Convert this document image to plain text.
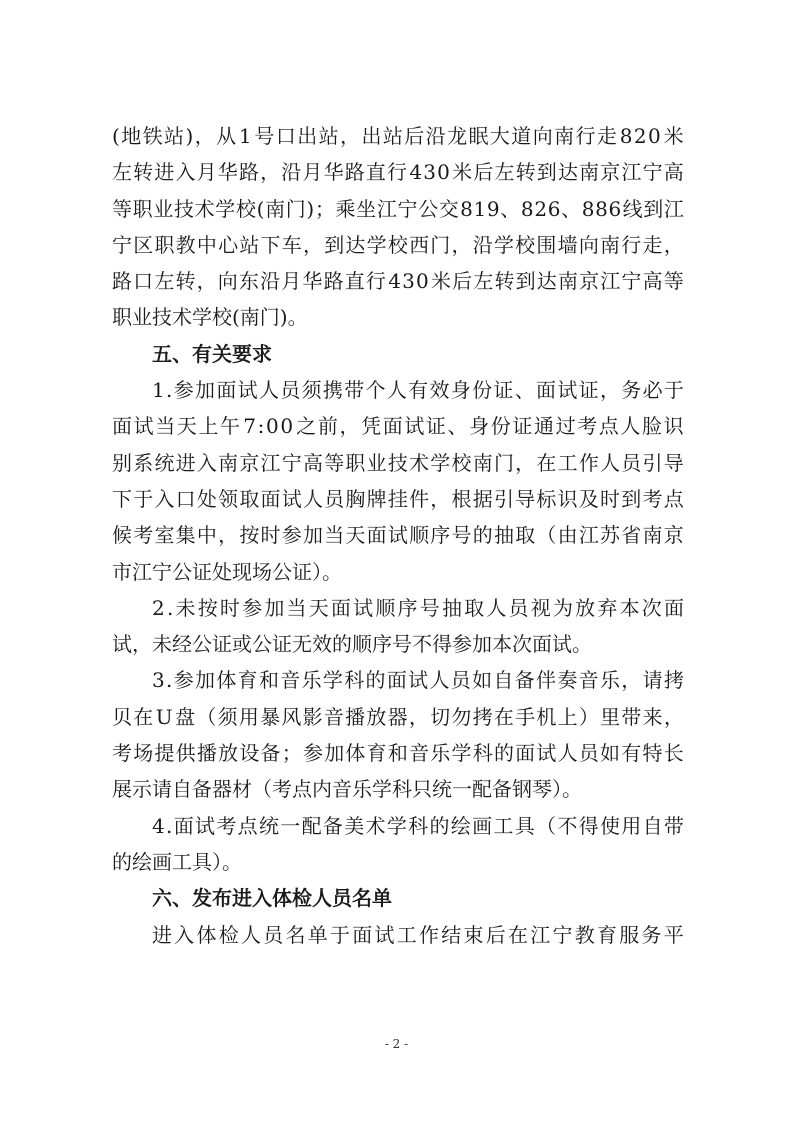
( 地 铁 站 ) ， 从 1 号 口 出 站 ， 出 站 后 沿 龙 眠 大 道 向 南 行 走 8 2 0 米
左 转 进 入 月 华 路 ， 沿 月 华 路 直 行 4 3 0 米 后 左 转 到 达 南 京 江 宁 高
等 职 业 技 术 学 校 ( 南 门 ) ； 乘 坐 江 宁 公 交 8 1 9 、 8 2 6 、 8 8 6 线 到 江
宁 区 职 教 中 心 站 下 车 ， 到 达 学 校 西 门 ， 沿 学 校 围 墙 向 南 行 走 ，
路 口 左 转 ， 向 东 沿 月 华 路 直 行 4 3 0 米 后 左 转 到 达 南 京 江 宁 高 等
职业技术学校(南门)。
五、有关要求
1 . 参 加 面 试 人 员 须 携 带 个 人 有 效 身 份 证 、 面 试 证 ， 务 必 于
面 试 当 天 上 午 7 : 0 0 之 前 ， 凭 面 试 证 、 身 份 证 通 过 考 点 人 脸 识
别 系 统 进 入 南 京 江 宁 高 等 职 业 技 术 学 校 南 门 ， 在 工 作 人 员 引 导
下 于 入 口 处 领 取 面 试 人 员 胸 牌 挂 件 ， 根 据 引 导 标 识 及 时 到 考 点
候 考 室 集 中 ， 按 时 参 加 当 天 面 试 顺 序 号 的 抽 取 （ 由 江 苏 省 南 京
市江宁公证处现场公证）。
2 . 未 按 时 参 加 当 天 面 试 顺 序 号 抽 取 人 员 视 为 放 弃 本 次 面
试，未经公证或公证无效的顺序号不得参加本次面试。
3 . 参 加 体 育 和 音 乐 学 科 的 面 试 人 员 如 自 备 伴 奏 音 乐 ， 请 拷
贝 在 U 盘 （ 须 用 暴 风 影 音 播 放 器 ， 切 勿 拷 在 手 机 上 ） 里 带 来 ，
考 场 提 供 播 放 设 备 ； 参 加 体 育 和 音 乐 学 科 的 面 试 人 员 如 有 特 长
展示请自备器材（考点内音乐学科只统一配备钢琴）。
4 . 面 试 考 点 统 一 配 备 美 术 学 科 的 绘 画 工 具 （ 不 得 使 用 自 带
的绘画工具）。
六、发布进入体检人员名单
进 入 体 检 人 员 名 单 于 面 试 工 作 结 束 后 在 江 宁 教 育 服 务 平
- 2 -
